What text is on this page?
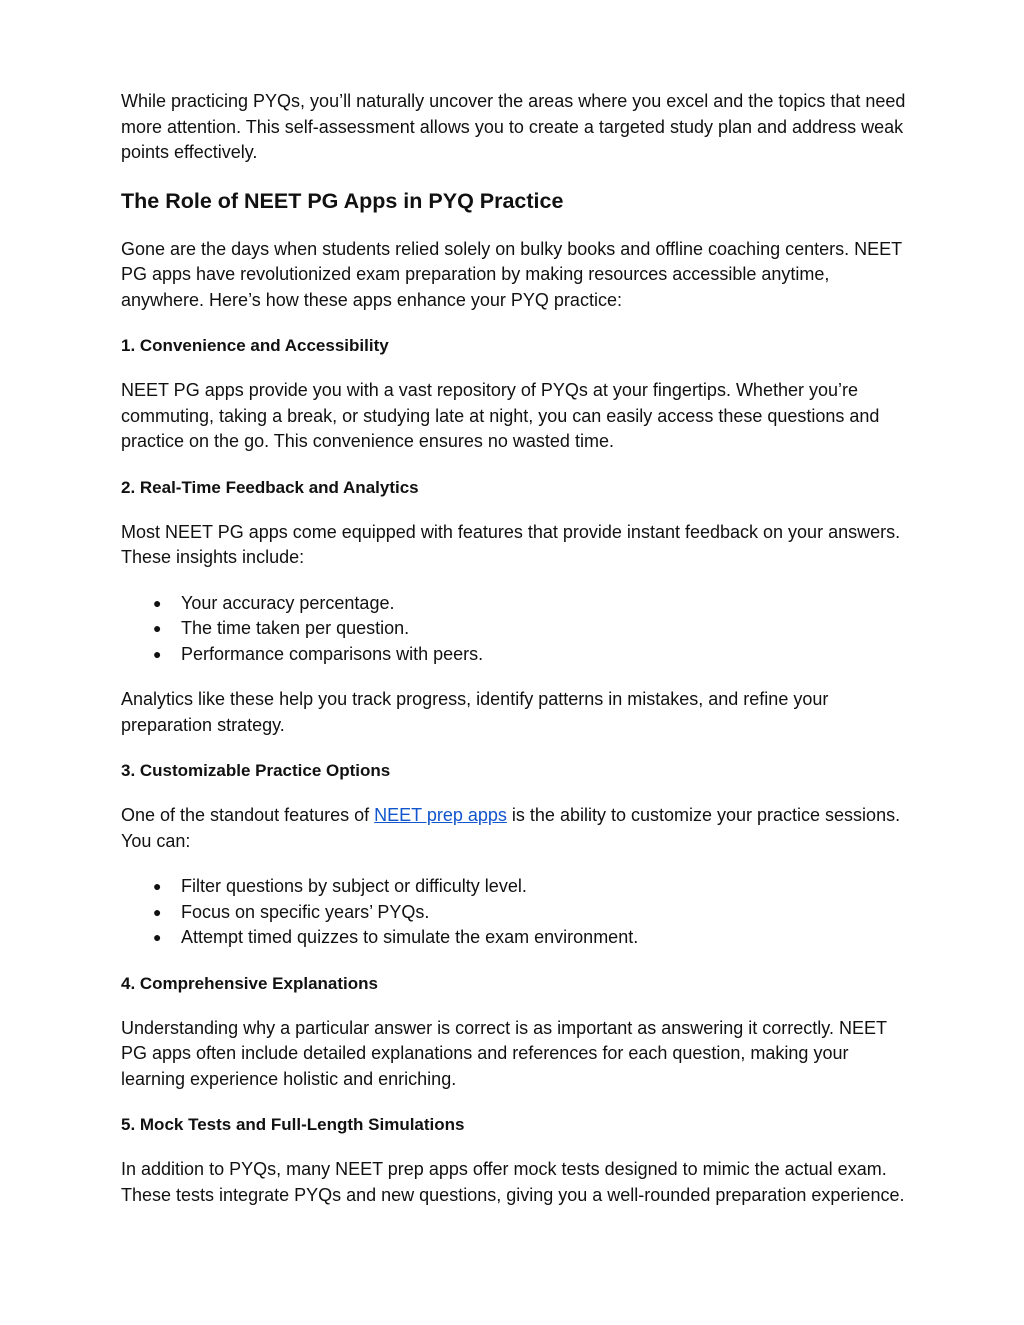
While practicing PYQs, you’ll naturally uncover the areas where you excel and the topics that need more attention. This self-assessment allows you to create a targeted study plan and address weak points effectively.

The Role of NEET PG Apps in PYQ Practice

Gone are the days when students relied solely on bulky books and offline coaching centers. NEET PG apps have revolutionized exam preparation by making resources accessible anytime, anywhere. Here’s how these apps enhance your PYQ practice:

1. Convenience and Accessibility

NEET PG apps provide you with a vast repository of PYQs at your fingertips. Whether you’re commuting, taking a break, or studying late at night, you can easily access these questions and practice on the go. This convenience ensures no wasted time.

2. Real-Time Feedback and Analytics

Most NEET PG apps come equipped with features that provide instant feedback on your answers. These insights include:

● Your accuracy percentage.
● The time taken per question.
● Performance comparisons with peers.

Analytics like these help you track progress, identify patterns in mistakes, and refine your preparation strategy.

3. Customizable Practice Options

One of the standout features of NEET prep apps is the ability to customize your practice sessions. You can:

● Filter questions by subject or difficulty level.
● Focus on specific years’ PYQs.
● Attempt timed quizzes to simulate the exam environment.
4. Comprehensive Explanations

Understanding why a particular answer is correct is as important as answering it correctly. NEET PG apps often include detailed explanations and references for each question, making your learning experience holistic and enriching.

5. Mock Tests and Full-Length Simulations

In addition to PYQs, many NEET prep apps offer mock tests designed to mimic the actual exam. These tests integrate PYQs and new questions, giving you a well-rounded preparation experience.
